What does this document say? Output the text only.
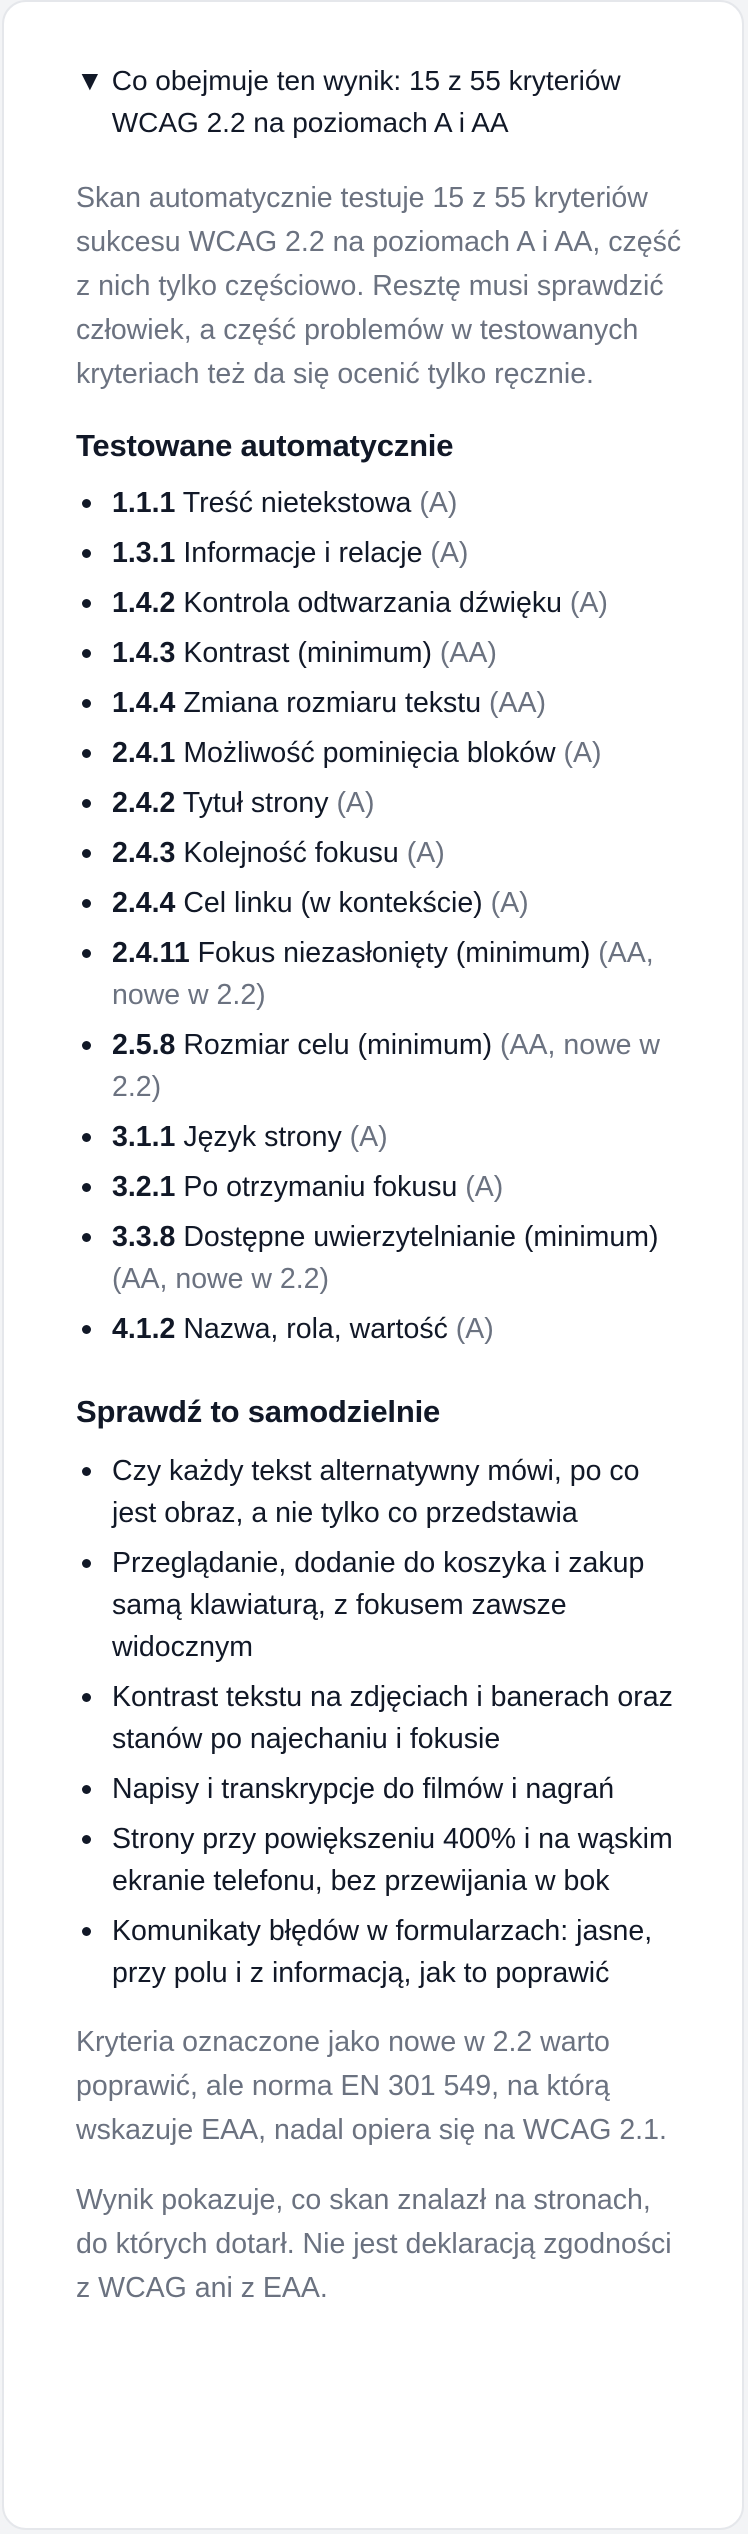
▼ Co obejmuje ten wynik: 15 z 55 kryteriów WCAG 2.2 na poziomach A i AA

Skan automatycznie testuje 15 z 55 kryteriów sukcesu WCAG 2.2 na poziomach A i AA, część z nich tylko częściowo. Resztę musi sprawdzić człowiek, a część problemów w testowanych kryteriach też da się ocenić tylko ręcznie.

Testowane automatycznie
1.1.1 Treść nietekstowa (A)
1.3.1 Informacje i relacje (A)
1.4.2 Kontrola odtwarzania dźwięku (A)
1.4.3 Kontrast (minimum) (AA)
1.4.4 Zmiana rozmiaru tekstu (AA)
2.4.1 Możliwość pominięcia bloków (A)
2.4.2 Tytuł strony (A)
2.4.3 Kolejność fokusu (A)
2.4.4 Cel linku (w kontekście) (A)
2.4.11 Fokus niezasłonięty (minimum) (AA, nowe w 2.2)
2.5.8 Rozmiar celu (minimum) (AA, nowe w 2.2)
3.1.1 Język strony (A)
3.2.1 Po otrzymaniu fokusu (A)
3.3.8 Dostępne uwierzytelnianie (minimum) (AA, nowe w 2.2)
4.1.2 Nazwa, rola, wartość (A)
Sprawdź to samodzielnie
Czy każdy tekst alternatywny mówi, po co jest obraz, a nie tylko co przedstawia
Przeglądanie, dodanie do koszyka i zakup samą klawiaturą, z fokusem zawsze widocznym
Kontrast tekstu na zdjęciach i banerach oraz stanów po najechaniu i fokusie
Napisy i transkrypcje do filmów i nagrań
Strony przy powiększeniu 400% i na wąskim ekranie telefonu, bez przewijania w bok
Komunikaty błędów w formularzach: jasne, przy polu i z informacją, jak to poprawić

Kryteria oznaczone jako nowe w 2.2 warto poprawić, ale norma EN 301 549, na którą wskazuje EAA, nadal opiera się na WCAG 2.1.

Wynik pokazuje, co skan znalazł na stronach, do których dotarł. Nie jest deklaracją zgodności z WCAG ani z EAA.
